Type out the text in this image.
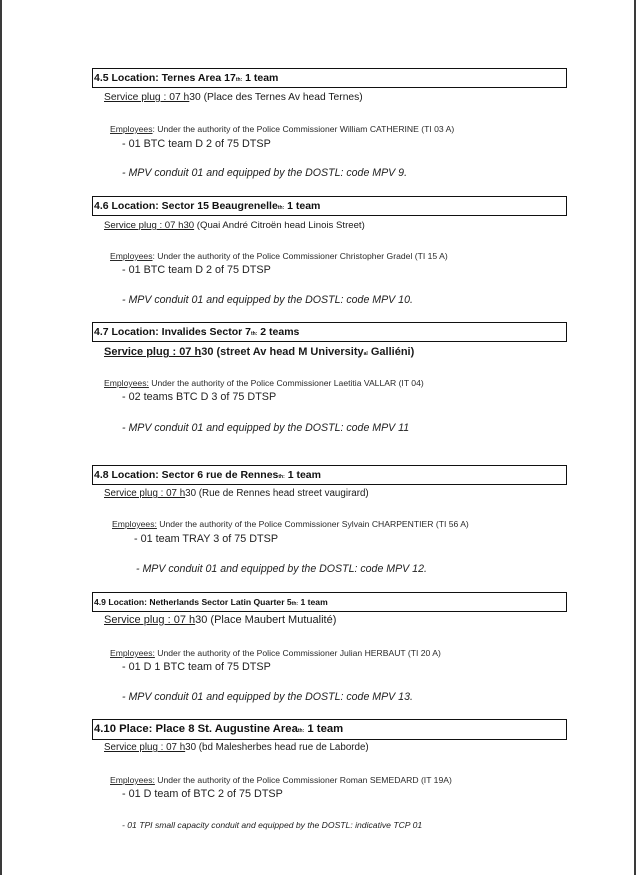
4.5 Location: Ternes Area 17th: 1 team
Service plug : 07 h30 (Place des Ternes Av head Ternes)
Employees: Under the authority of the Police Commissioner William CATHERINE (TI 03 A)
- 01 BTC team D 2 of 75 DTSP
- MPV conduit 01 and equipped by the DOSTL: code MPV 9.
4.6 Location: Sector 15 Beaugrenelleth: 1 team
Service plug : 07 h30 (Quai André Citroën head Linois Street)
Employees: Under the authority of the Police Commissioner Christopher Gradel (TI 15 A)
- 01 BTC team D 2 of 75 DTSP
- MPV conduit 01 and equipped by the DOSTL: code MPV 10.
4.7 Location: Invalides Sector 7th: 2 teams
Service plug : 07 h30 (street Av head M Universityal Galliéni)
Employees: Under the authority of the Police Commissioner Laetitia VALLAR (IT 04)
- 02 teams BTC D 3 of 75 DTSP
- MPV conduit 01 and equipped by the DOSTL: code MPV 11
4.8 Location: Sector 6 rue de Rennesth: 1 team
Service plug : 07 h30 (Rue de Rennes head street vaugirard)
Employees: Under the authority of the Police Commissioner Sylvain CHARPENTIER (TI 56 A)
- 01 team TRAY 3 of 75 DTSP
- MPV conduit 01 and equipped by the DOSTL: code MPV 12.
4.9 Location: Netherlands Sector Latin Quarter 5th: 1 team
Service plug : 07 h30 (Place Maubert Mutualité)
Employees: Under the authority of the Police Commissioner Julian HERBAUT (TI 20 A)
- 01 D 1 BTC team of 75 DTSP
- MPV conduit 01 and equipped by the DOSTL: code MPV 13.
4.10 Place: Place 8 St. Augustine Areath: 1 team
Service plug : 07 h30 (bd Malesherbes head rue de Laborde)
Employees: Under the authority of the Police Commissioner Roman SEMEDARD (IT 19A)
- 01 D team of BTC 2 of 75 DTSP
- 01 TPI small capacity conduit and equipped by the DOSTL: indicative TCP 01
